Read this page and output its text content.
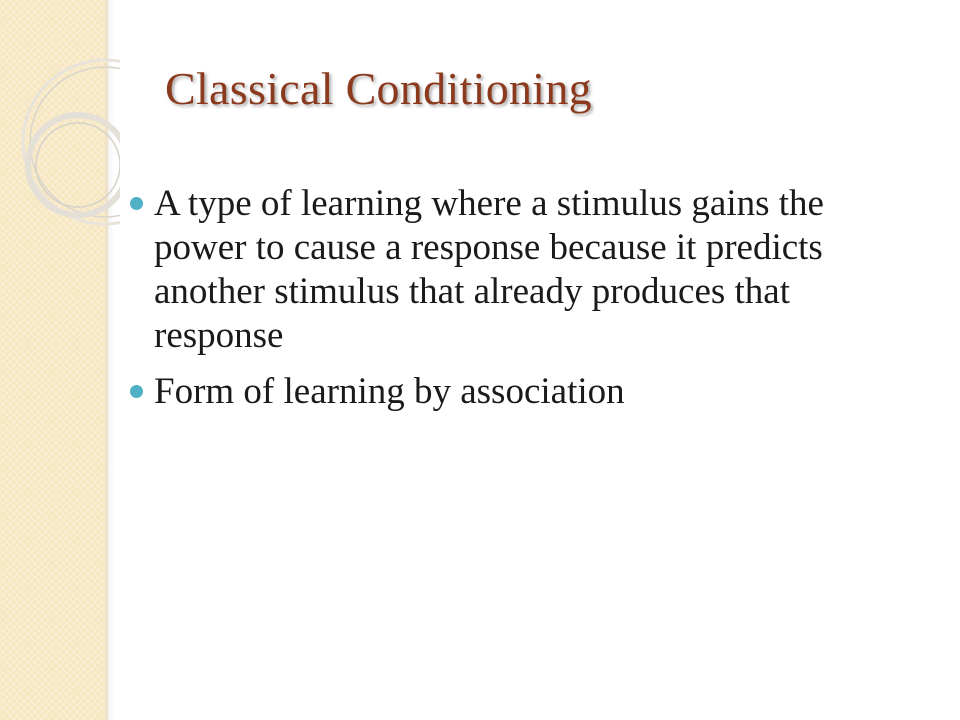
Classical Conditioning
A type of learning where a stimulus gains the power to cause a response because it predicts another stimulus that already produces that response
Form of learning by association
